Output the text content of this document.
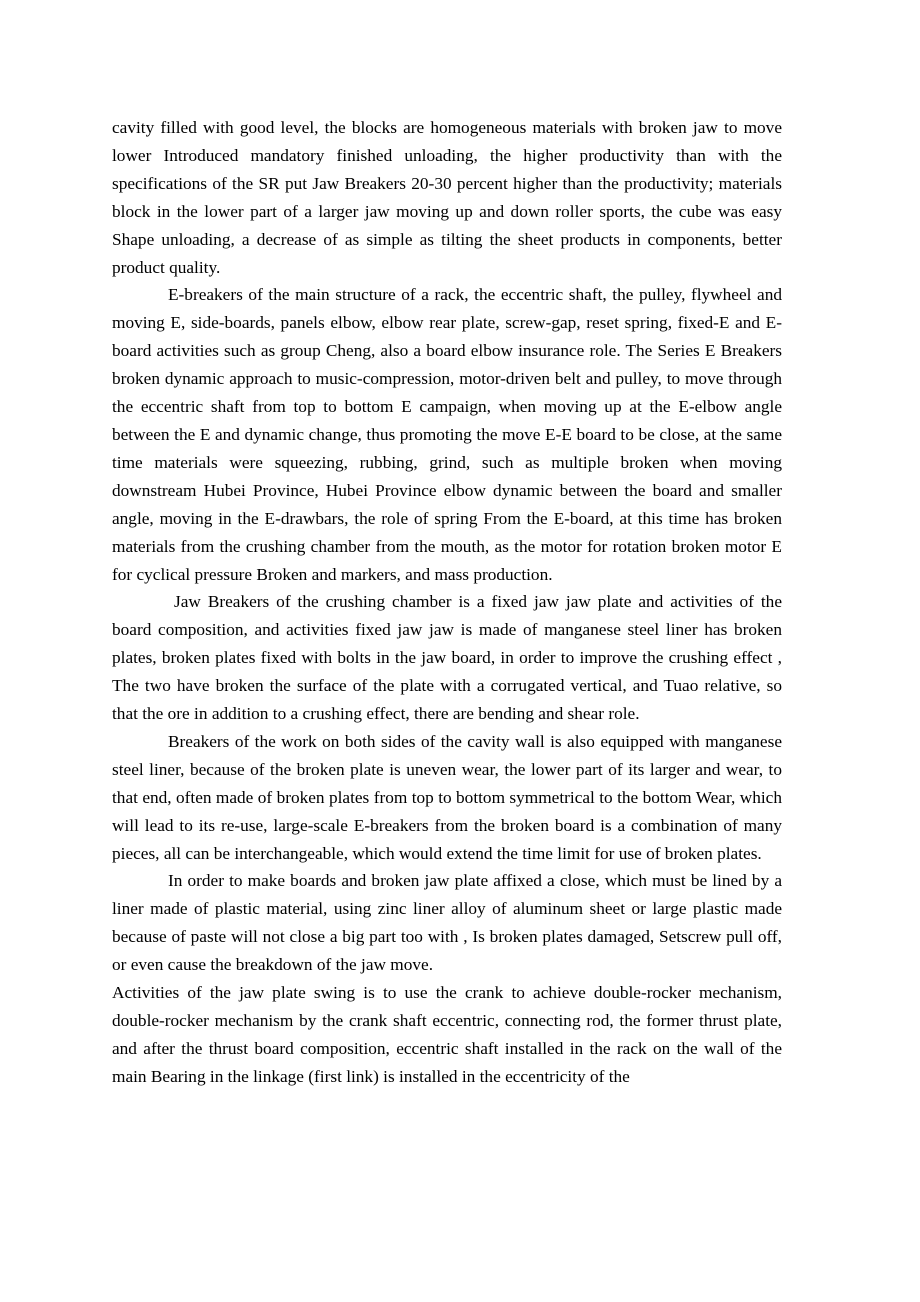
cavity filled with good level, the blocks are homogeneous materials with broken jaw to move lower Introduced mandatory finished unloading, the higher productivity than with the specifications of the SR put Jaw Breakers 20-30 percent higher than the productivity; materials block in the lower part of a larger jaw moving up and down roller sports, the cube was easy Shape unloading, a decrease of as simple as tilting the sheet products in components, better product quality.

E-breakers of the main structure of a rack, the eccentric shaft, the pulley, flywheel and moving E, side-boards, panels elbow, elbow rear plate, screw-gap, reset spring, fixed-E and E-board activities such as group Cheng, also a board elbow insurance role. The Series E Breakers broken dynamic approach to music-compression, motor-driven belt and pulley, to move through the eccentric shaft from top to bottom E campaign, when moving up at the E-elbow angle between the E and dynamic change, thus promoting the move E-E board to be close, at the same time materials were squeezing, rubbing, grind, such as multiple broken when moving downstream Hubei Province, Hubei Province elbow dynamic between the board and smaller angle, moving in the E-drawbars, the role of spring From the E-board, at this time has broken materials from the crushing chamber from the mouth, as the motor for rotation broken motor E for cyclical pressure Broken and markers, and mass production.

Jaw Breakers of the crushing chamber is a fixed jaw jaw plate and activities of the board composition, and activities fixed jaw jaw is made of manganese steel liner has broken plates, broken plates fixed with bolts in the jaw board, in order to improve the crushing effect , The two have broken the surface of the plate with a corrugated vertical, and Tuao relative, so that the ore in addition to a crushing effect, there are bending and shear role.

Breakers of the work on both sides of the cavity wall is also equipped with manganese steel liner, because of the broken plate is uneven wear, the lower part of its larger and wear, to that end, often made of broken plates from top to bottom symmetrical to the bottom Wear, which will lead to its re-use, large-scale E-breakers from the broken board is a combination of many pieces, all can be interchangeable, which would extend the time limit for use of broken plates.

In order to make boards and broken jaw plate affixed a close, which must be lined by a liner made of plastic material, using zinc liner alloy of aluminum sheet or large plastic made because of paste will not close a big part too with , Is broken plates damaged, Setscrew pull off, or even cause the breakdown of the jaw move.

Activities of the jaw plate swing is to use the crank to achieve double-rocker mechanism, double-rocker mechanism by the crank shaft eccentric, connecting rod, the former thrust plate, and after the thrust board composition, eccentric shaft installed in the rack on the wall of the main Bearing in the linkage (first link) is installed in the eccentricity of the
